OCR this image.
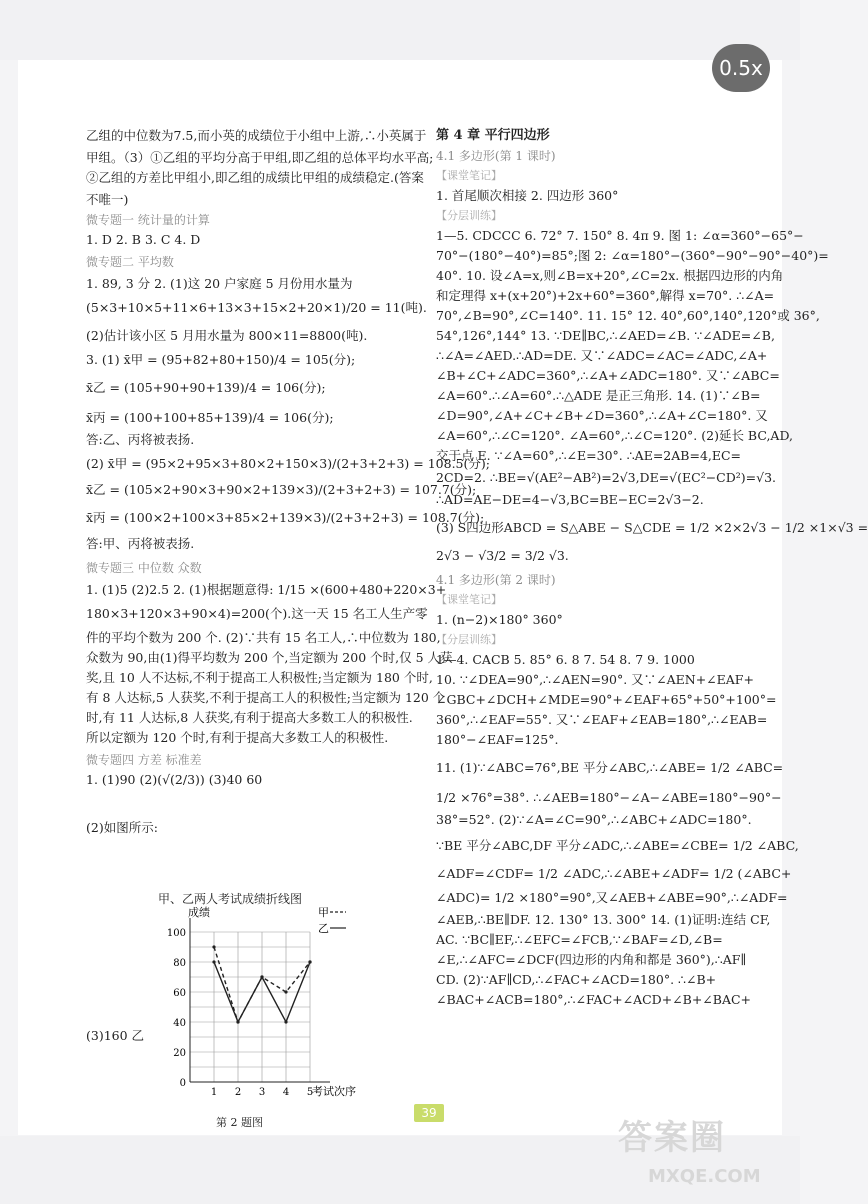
乙组的中位数为7.5,而小英的成绩位于小组中上游,∴小英属于
甲组。（3）①乙组的平均分高于甲组,即乙组的总体平均水平高;
②乙组的方差比甲组小,即乙组的成绩比甲组的成绩稳定.(答案
不唯一)
微专题一 统计量的计算
1. D 2. B 3. C 4. D
微专题二 平均数
1. 89, 3 分 2. (1)这 20 户家庭 5 月份用水量为
(5×3+10×5+11×6+13×3+15×2+20×1)/20 = 11(吨).
(2)估计该小区 5 月用水量为 800×11=8800(吨).
3. (1) x̄甲 = (95+82+80+150)/4 = 105(分);
x̄乙 = (105+90+90+139)/4 = 106(分);
x̄丙 = (100+100+85+139)/4 = 106(分);
答:乙、丙将被表扬.
(2) x̄甲 = (95×2+95×3+80×2+150×3)/(2+3+2+3) = 108.5(分);
x̄乙 = (105×2+90×3+90×2+139×3)/(2+3+2+3) = 107.7(分);
x̄丙 = (100×2+100×3+85×2+139×3)/(2+3+2+3) = 108.7(分);
答:甲、丙将被表扬.
微专题三 中位数 众数
1. (1)5 (2)2.5 2. (1)根据题意得: 1/15 ×(600+480+220×3+
180×3+120×3+90×4)=200(个).这一天 15 名工人生产零
件的平均个数为 200 个. (2)∵共有 15 名工人,∴中位数为 180,
众数为 90,由(1)得平均数为 200 个,当定额为 200 个时,仅 5 人获
奖,且 10 人不达标,不利于提高工人积极性;当定额为 180 个时,
有 8 人达标,5 人获奖,不利于提高工人的积极性;当定额为 120 个
时,有 11 人达标,8 人获奖,有利于提高大多数工人的积极性.
所以定额为 120 个时,有利于提高大多数工人的积极性.
微专题四 方差 标准差
1. (1)90 (2)(√(2/3)) (3)40 60
(2)如图所示:
(3)160 乙
第 4 章 平行四边形
4.1 多边形(第 1 课时)
【课堂笔记】
1. 首尾顺次相接 2. 四边形 360°
【分层训练】
1—5. CDCCC 6. 72° 7. 150° 8. 4π 9. 图 1: ∠α=360°−65°−
70°−(180°−40°)=85°;图 2: ∠α=180°−(360°−90°−90°−40°)=
40°. 10. 设∠A=x,则∠B=x+20°,∠C=2x. 根据四边形的内角
和定理得 x+(x+20°)+2x+60°=360°,解得 x=70°. ∴∠A=
70°,∠B=90°,∠C=140°. 11. 15° 12. 40°,60°,140°,120°或 36°,
54°,126°,144° 13. ∵DE∥BC,∴∠AED=∠B. ∵∠ADE=∠B,
∴∠A=∠AED.∴AD=DE. 又∵∠ADC=∠AC=∠ADC,∠A+
∠B+∠C+∠ADC=360°,∴∠A+∠ADC=180°. 又∵∠ABC=
∠A=60°.∴∠A=60°.∴△ADE 是正三角形. 14. (1)∵∠B=
∠D=90°,∠A+∠C+∠B+∠D=360°,∴∠A+∠C=180°. 又
∠A=60°,∴∠C=120°. ∠A=60°,∴∠C=120°. (2)延长 BC,AD,
交于点 E. ∵∠A=60°,∴∠E=30°. ∴AE=2AB=4,EC=
2CD=2. ∴BE=√(AE²−AB²)=2√3,DE=√(EC²−CD²)=√3.
∴AD=AE−DE=4−√3,BC=BE−EC=2√3−2.
(3) S四边形ABCD = S△ABE − S△CDE = 1/2 ×2×2√3 − 1/2 ×1×√3 =
2√3 − √3/2 = 3/2 √3.
4.1 多边形(第 2 课时)
【课堂笔记】
1. (n−2)×180° 360°
【分层训练】
1—4. CACB 5. 85° 6. 8 7. 54 8. 7 9. 1000
10. ∵∠DEA=90°,∴∠AEN=90°. 又∵∠AEN+∠EAF+
∠GBC+∠DCH+∠MDE=90°+∠EAF+65°+50°+100°=
360°,∴∠EAF=55°. 又∵∠EAF+∠EAB=180°,∴∠EAB=
180°−∠EAF=125°.
11. (1)∵∠ABC=76°,BE 平分∠ABC,∴∠ABE= 1/2 ∠ABC=
1/2 ×76°=38°. ∴∠AEB=180°−∠A−∠ABE=180°−90°−
38°=52°. (2)∵∠A=∠C=90°,∴∠ABC+∠ADC=180°.
∵BE 平分∠ABC,DF 平分∠ADC,∴∠ABE=∠CBE= 1/2 ∠ABC,
∠ADF=∠CDF= 1/2 ∠ADC,∴∠ABE+∠ADF= 1/2 (∠ABC+
∠ADC)= 1/2 ×180°=90°,又∠AEB+∠ABE=90°,∴∠ADF=
∠AEB,∴BE∥DF. 12. 130° 13. 300° 14. (1)证明:连结 CF,
AC. ∵BC∥EF,∴∠EFC=∠FCB,∵∠BAF=∠D,∠B=
∠E,∴∠AFC=∠DCF(四边形的内角和都是 360°),∴AF∥
CD. (2)∵AF∥CD,∴∠FAC+∠ACD=180°. ∴∠B+
∠BAC+∠ACB=180°,∴∠FAC+∠ACD+∠B+∠BAC+
甲、乙两人考试成绩折线图
0
20
40
60
80
100
1 2 3 4 5
成绩
考试次序
甲
乙
第 2 题图
39
0.5x
答案圈
MXQE.COM
